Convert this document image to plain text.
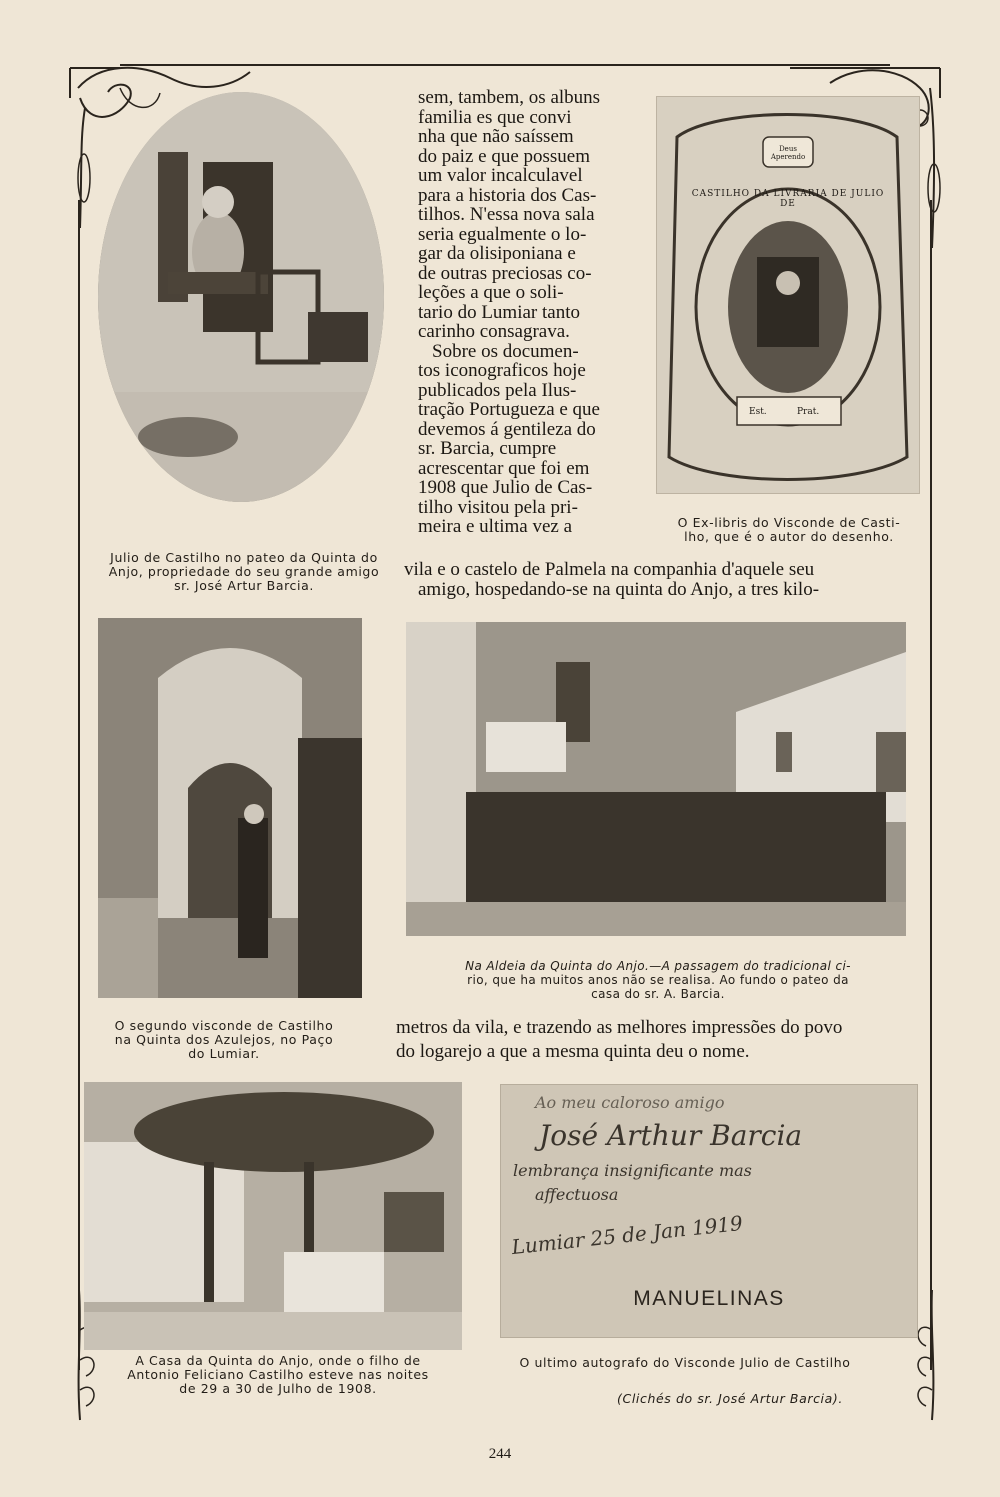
Julio de Castilho no pateo da Quinta do
Anjo, propriedade do seu grande amigo
sr. José Artur Barcia.
sem, tambem, os albuns
familia es que convi
nha que não saíssem
do paiz e que possuem
um valor incalculavel
para a historia dos Cas-
tilhos. N'essa nova sala
seria egualmente o lo-
gar da olisiponiana e
de outras preciosas co-
leções a que o soli-
tario do Lumiar tanto
carinho consagrava.
Sobre os documen-
tos iconograficos hoje
publicados pela Ilus-
tração Portugueza e que
devemos á gentileza do
sr. Barcia, cumpre
acrescentar que foi em
1908 que Julio de Cas-
tilho visitou pela pri-
meira e ultima vez a
vila e o castelo de Palmela na companhia d'aquele seu
amigo, hospedando-se na quinta do Anjo, a tres kilo-
Deus Aperendo
CASTILHO DA LIVRARIA DE JULIO DE
Est.	Prat.
O Ex-libris do Visconde de Casti-
lho, que é o autor do desenho.
O segundo visconde de Castilho
na Quinta dos Azulejos, no Paço
do Lumiar.
Na Aldeia da Quinta do Anjo.—A passagem do tradicional ci-
rio, que ha muitos anos não se realisa. Ao fundo o pateo da
casa do sr. A. Barcia.
metros da vila, e trazendo as melhores impressões do povo
do logarejo a que a mesma quinta deu o nome.
A Casa da Quinta do Anjo, onde o filho de
Antonio Feliciano Castilho esteve nas noites
de 29 a 30 de Julho de 1908.
Ao meu caloroso amigo
José Arthur Barcia
lembrança insignificante mas
affectuosa
Lumiar 25 de Jan 1919
MANUELINAS
O ultimo autografo do Visconde Julio de Castilho
(Clichés do sr. José Artur Barcia).
244
